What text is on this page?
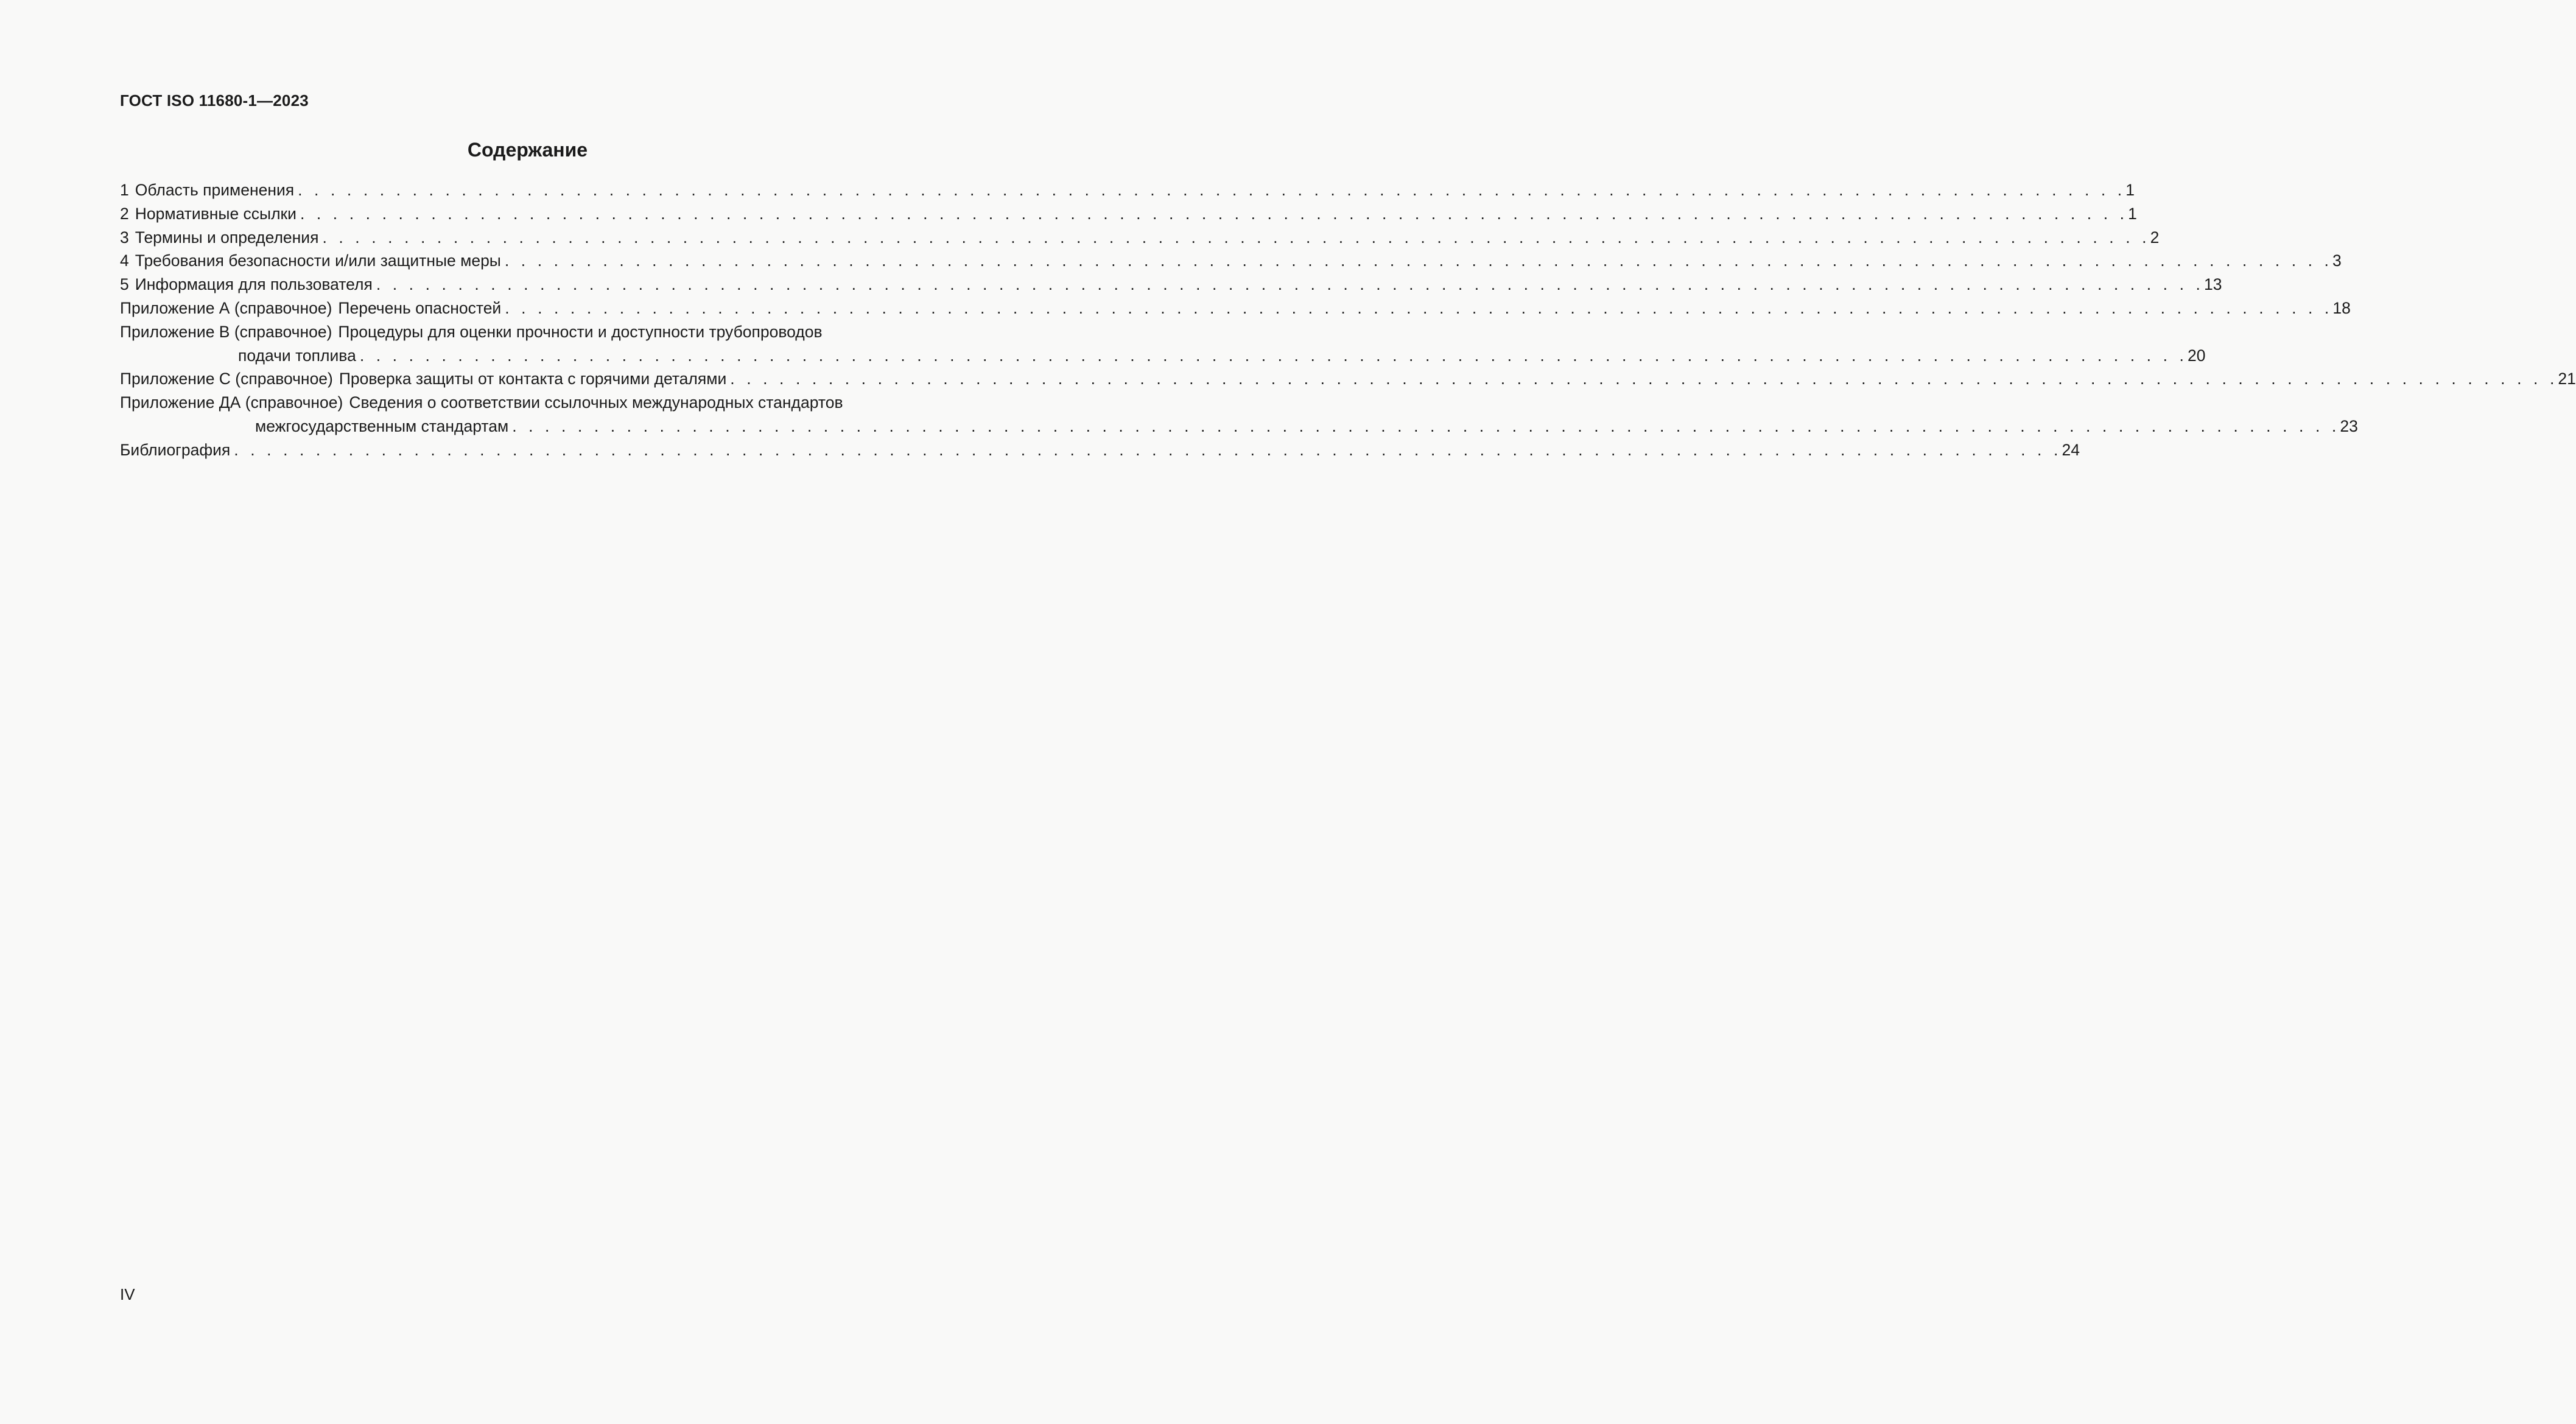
ГОСТ ISO 11680-1—2023
Содержание
1 Область применения . . . . . . . . . . . . . . . . . . . . . . . . . . . . . . . . . . . . . . . . . . . . . . . . . . . . . . . . . . . . . . . . . . . . . . . . . . . . . . . . . . . . . . . . . . . . . . . . . . . . . . . . . . . . . . . . 1
2 Нормативные ссылки . . . . . . . . . . . . . . . . . . . . . . . . . . . . . . . . . . . . . . . . . . . . . . . . . . . . . . . . . . . . . . . . . . . . . . . . . . . . . . . . . . . . . . . . . . . . . . . . . . . . . . . . . . . . . . . . 1
3 Термины и определения . . . . . . . . . . . . . . . . . . . . . . . . . . . . . . . . . . . . . . . . . . . . . . . . . . . . . . . . . . . . . . . . . . . . . . . . . . . . . . . . . . . . . . . . . . . . . . . . . . . . . . . . . . . . . . . . 2
4 Требования безопасности и/или защитные меры . . . . . . . . . . . . . . . . . . . . . . . . . . . . . . . . . . . . . . . . . . . . . . . . . . . . . . . . . . . . . . . . . . . . . . . . . . . . . . . . . . . . . . . . . . . . . . . . . . . . . . . . . . . . . . . . 3
5 Информация для пользователя . . . . . . . . . . . . . . . . . . . . . . . . . . . . . . . . . . . . . . . . . . . . . . . . . . . . . . . . . . . . . . . . . . . . . . . . . . . . . . . . . . . . . . . . . . . . . . . . . . . . . . . . . . . . . . . . 13
Приложение А (справочное) Перечень опасностей . . . . . . . . . . . . . . . . . . . . . . . . . . . . . . . . . . . . . . . . . . . . . . . . . . . . . . . . . . . . . . . . . . . . . . . . . . . . . . . . . . . . . . . . . . . . . . . . . . . . . . . . . . . . . . . . 18
Приложение В (справочное) Процедуры для оценки прочности и доступности трубопроводов
подачи топлива . . . . . . . . . . . . . . . . . . . . . . . . . . . . . . . . . . . . . . . . . . . . . . . . . . . . . . . . . . . . . . . . . . . . . . . . . . . . . . . . . . . . . . . . . . . . . . . . . . . . . . . . . . . . . . . . 20
Приложение С (справочное) Проверка защиты от контакта с горячими деталями . . . . . . . . . . . . . . . . . . . . . . . . . . . . . . . . . . . . . . . . . . . . . . . . . . . . . . . . . . . . . . . . . . . . . . . . . . . . . . . . . . . . . . . . . . . . . . . . . . . . . . . . . . . . . . . . 21
Приложение ДА (справочное) Сведения о соответствии ссылочных международных стандартов
межгосударственным стандартам . . . . . . . . . . . . . . . . . . . . . . . . . . . . . . . . . . . . . . . . . . . . . . . . . . . . . . . . . . . . . . . . . . . . . . . . . . . . . . . . . . . . . . . . . . . . . . . . . . . . . . . . . . . . . . . . 23
Библиография . . . . . . . . . . . . . . . . . . . . . . . . . . . . . . . . . . . . . . . . . . . . . . . . . . . . . . . . . . . . . . . . . . . . . . . . . . . . . . . . . . . . . . . . . . . . . . . . . . . . . . . . . . . . . . . . 24
IV
